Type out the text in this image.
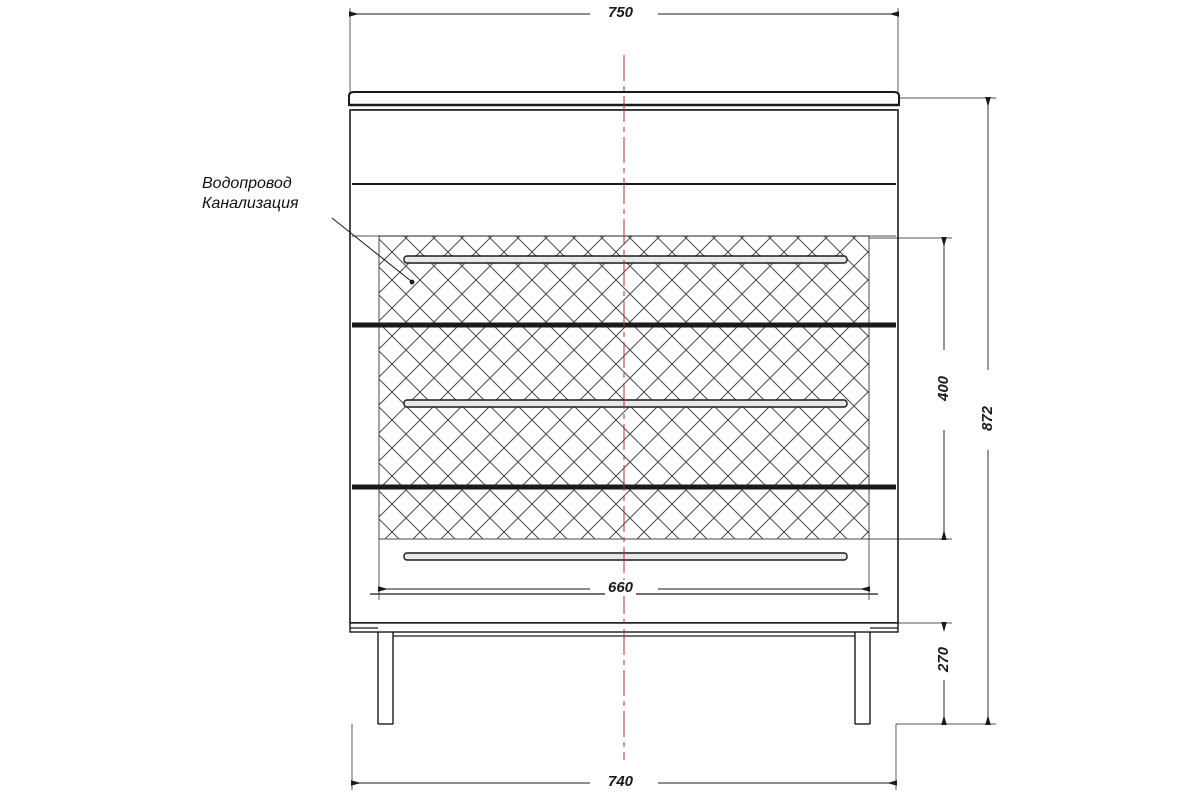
Водопровод
Канализация
750
660
740
400
872
270
